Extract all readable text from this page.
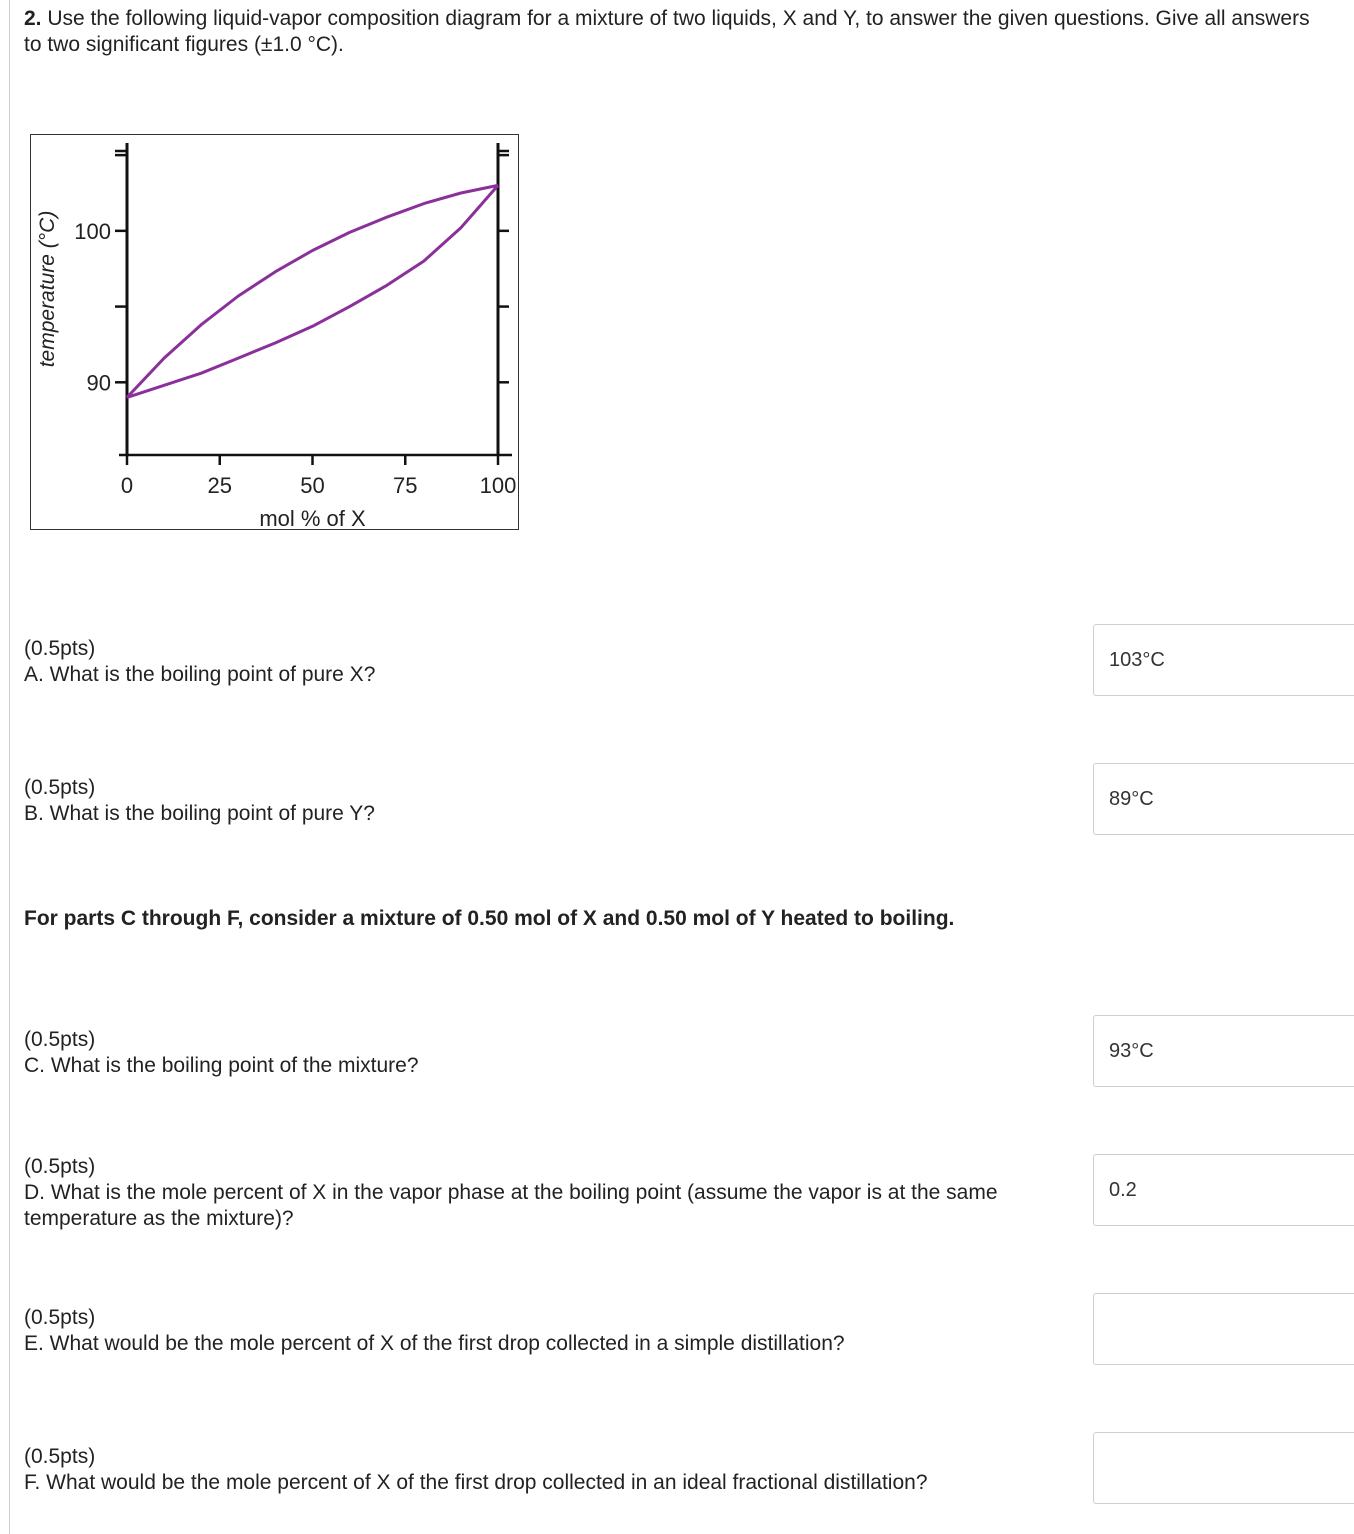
2. Use the following liquid-vapor composition diagram for a mixture of two liquids, X and Y, to answer the given questions. Give all answers to two significant figures (±1.0 °C).
90
100
0	25	50	75	100
mol % of X
temperature (°C)
(0.5pts)
A. What is the boiling point of pure X?
103°C
(0.5pts)
B. What is the boiling point of pure Y?
89°C
For parts C through F, consider a mixture of 0.50 mol of X and 0.50 mol of Y heated to boiling.
(0.5pts)
C. What is the boiling point of the mixture?
93°C
(0.5pts)
D. What is the mole percent of X in the vapor phase at the boiling point (assume the vapor is at the same temperature as the mixture)?
0.2
(0.5pts)
E. What would be the mole percent of X of the first drop collected in a simple distillation?
(0.5pts)
F. What would be the mole percent of X of the first drop collected in an ideal fractional distillation?
